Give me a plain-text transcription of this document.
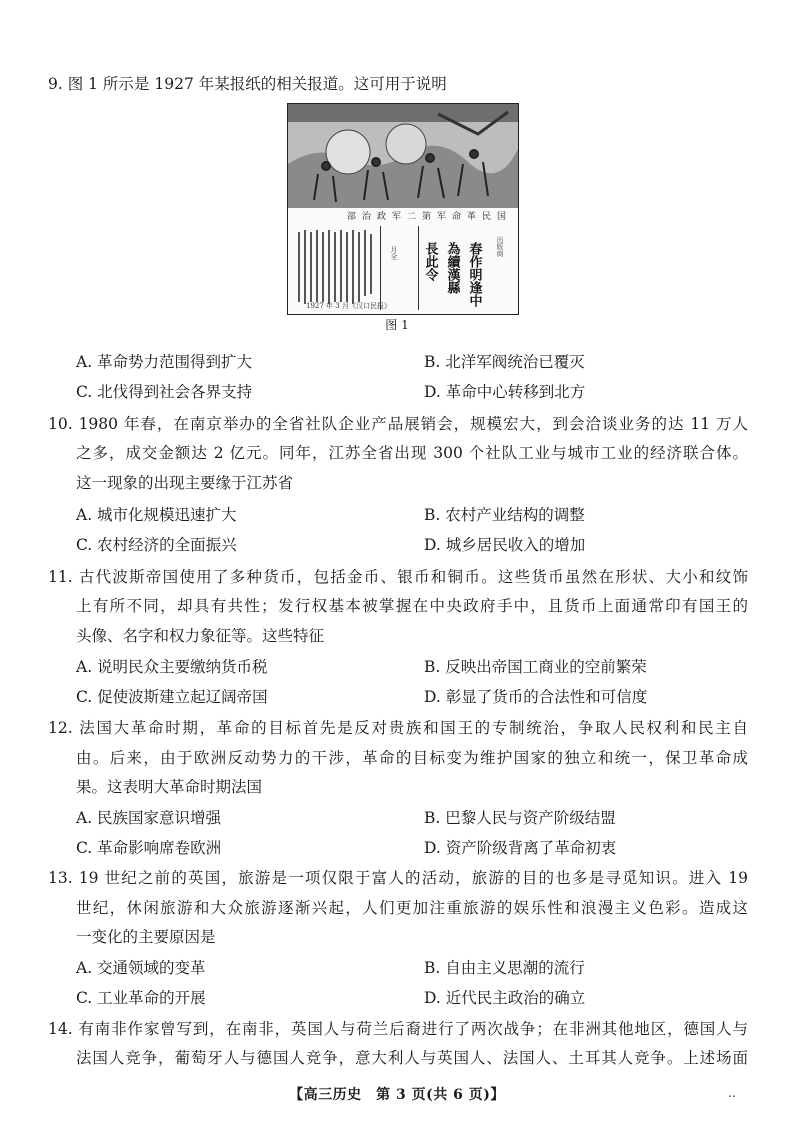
9. 图 1 所示是 1927 年某报纸的相关报道。这可用于说明
部治政军二第军命革民国
月全
1927 年 3 月《汉口民报》	春作明逢中
為續漢縣
長此令	出版商
图 1
A. 革命势力范围得到扩大	B. 北洋军阀统治已覆灭
C. 北伐得到社会各界支持	D. 革命中心转移到北方
10. 1980 年春，在南京举办的全省社队企业产品展销会，规模宏大，到会洽谈业务的达 11 万人
之多，成交金额达 2 亿元。同年，江苏全省出现 300 个社队工业与城市工业的经济联合体。
这一现象的出现主要缘于江苏省
A. 城市化规模迅速扩大	B. 农村产业结构的调整
C. 农村经济的全面振兴	D. 城乡居民收入的增加
11. 古代波斯帝国使用了多种货币，包括金币、银币和铜币。这些货币虽然在形状、大小和纹饰
上有所不同，却具有共性；发行权基本被掌握在中央政府手中，且货币上面通常印有国王的
头像、名字和权力象征等。这些特征
A. 说明民众主要缴纳货币税	B. 反映出帝国工商业的空前繁荣
C. 促使波斯建立起辽阔帝国	D. 彰显了货币的合法性和可信度
12. 法国大革命时期，革命的目标首先是反对贵族和国王的专制统治，争取人民权利和民主自
由。后来，由于欧洲反动势力的干涉，革命的目标变为维护国家的独立和统一，保卫革命成
果。这表明大革命时期法国
A. 民族国家意识增强	B. 巴黎人民与资产阶级结盟
C. 革命影响席卷欧洲	D. 资产阶级背离了革命初衷
13. 19 世纪之前的英国，旅游是一项仅限于富人的活动，旅游的目的也多是寻觅知识。进入 19
世纪，休闲旅游和大众旅游逐渐兴起，人们更加注重旅游的娱乐性和浪漫主义色彩。造成这
一变化的主要原因是
A. 交通领域的变革	B. 自由主义思潮的流行
C. 工业革命的开展	D. 近代民主政治的确立
14. 有南非作家曾写到，在南非，英国人与荷兰后裔进行了两次战争；在非洲其他地区，德国人与
法国人竞争，葡萄牙人与德国人竞争，意大利人与英国人、法国人、土耳其人竞争。上述场面
【高三历史　第 3 页(共 6 页)】	..
